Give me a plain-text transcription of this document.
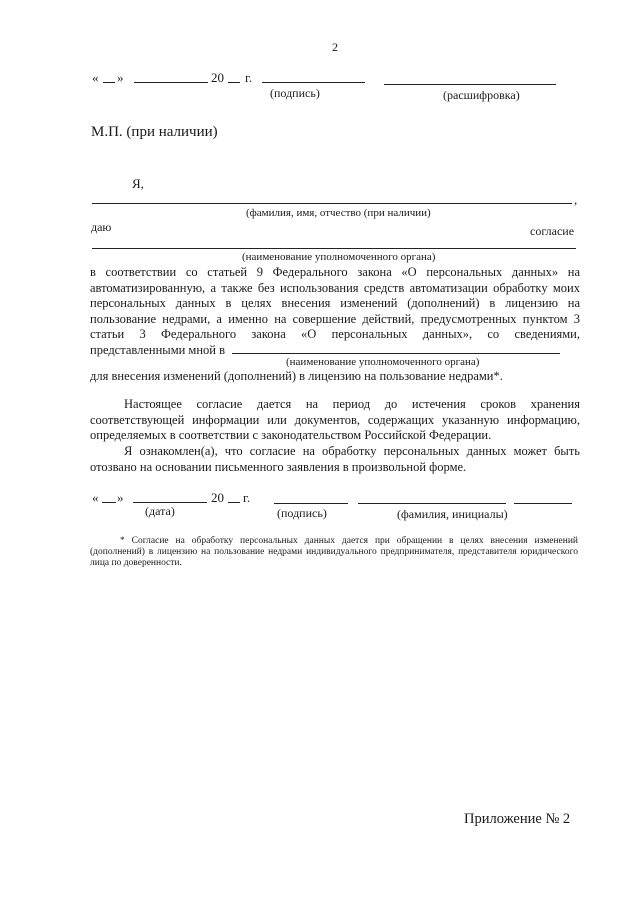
2
« »	20 г.
(подпись)	(расшифровка)
М.П. (при наличии)
Я,
,
(фамилия, имя, отчество (при наличии)
даю	согласие
(наименование уполномоченного органа)
в соответствии со статьей 9 Федерального закона «О персональных данных» на автоматизированную, а также без использования средств автоматизации обработку моих персональных данных в целях внесения изменений (дополнений) в лицензию на пользование недрами, а именно на совершение действий, предусмотренных пунктом 3 статьи 3 Федерального закона «О персональных данных», со сведениями, представленными мной в
(наименование уполномоченного органа)
для внесения изменений (дополнений) в лицензию на пользование недрами*.
Настоящее согласие дается на период до истечения сроков хранения соответствующей информации или документов, содержащих указанную информацию, определяемых в соответствии с законодательством Российской Федерации.
Я ознакомлен(а), что согласие на обработку персональных данных может быть отозвано на основании письменного заявления в произвольной форме.
« »	20 г.
(дата)	(подпись)	(фамилия, инициалы)
* Согласие на обработку персональных данных дается при обращении в целях внесения изменений (дополнений) в лицензию на пользование недрами индивидуального предпринимателя, представителя юридического лица по доверенности.
Приложение № 2
